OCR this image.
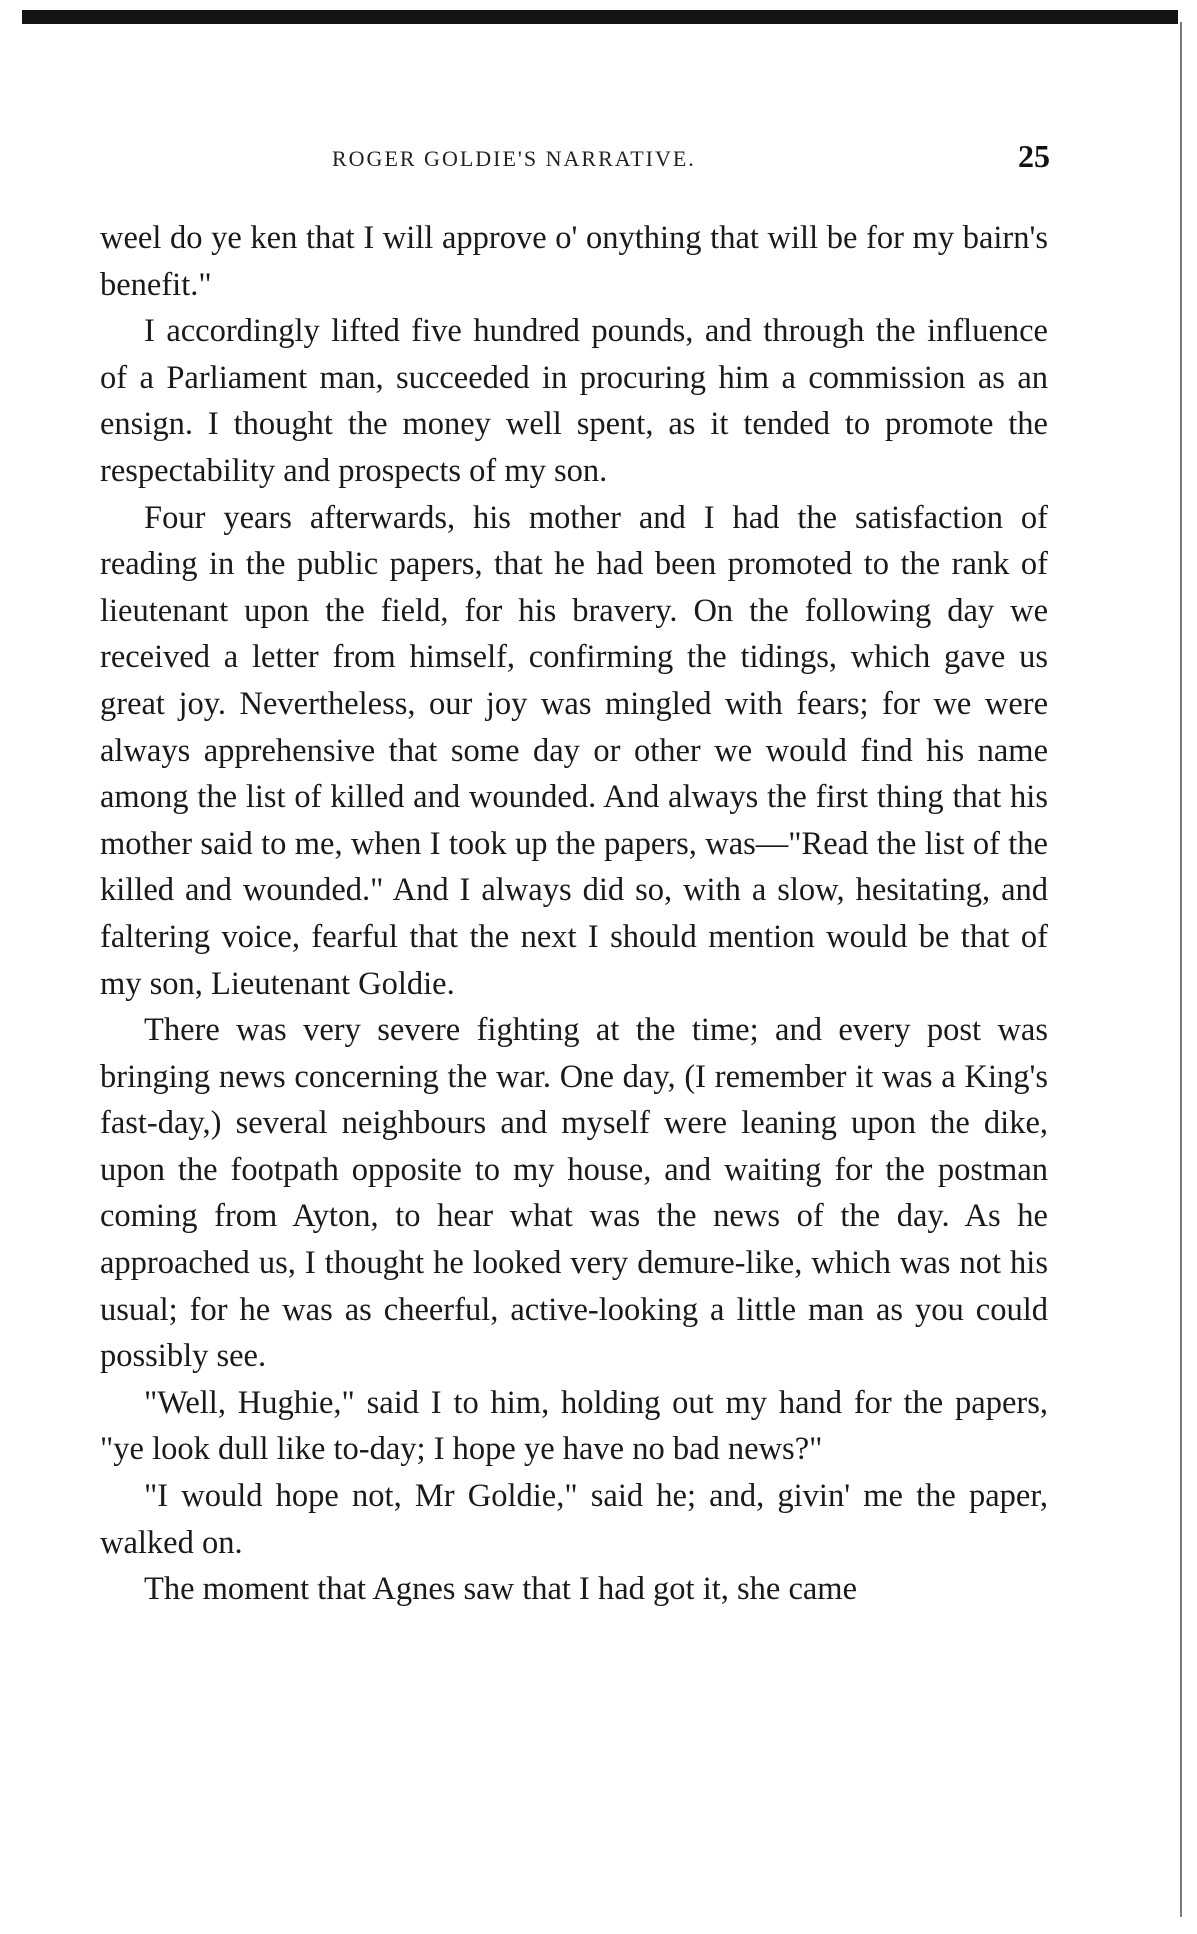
ROGER GOLDIE'S NARRATIVE.	25

weel do ye ken that I will approve o' onything that will be for my bairn's benefit."

I accordingly lifted five hundred pounds, and through the influence of a Parliament man, succeeded in procuring him a commission as an ensign. I thought the money well spent, as it tended to promote the respectability and prospects of my son.

Four years afterwards, his mother and I had the satisfaction of reading in the public papers, that he had been promoted to the rank of lieutenant upon the field, for his bravery. On the following day we received a letter from himself, confirming the tidings, which gave us great joy. Nevertheless, our joy was mingled with fears; for we were always apprehensive that some day or other we would find his name among the list of killed and wounded. And always the first thing that his mother said to me, when I took up the papers, was—"Read the list of the killed and wounded." And I always did so, with a slow, hesitating, and faltering voice, fearful that the next I should mention would be that of my son, Lieutenant Goldie.

There was very severe fighting at the time; and every post was bringing news concerning the war. One day, (I remember it was a King's fast-day,) several neighbours and myself were leaning upon the dike, upon the footpath opposite to my house, and waiting for the postman coming from Ayton, to hear what was the news of the day. As he approached us, I thought he looked very demure-like, which was not his usual; for he was as cheerful, active-looking a little man as you could possibly see.

"Well, Hughie," said I to him, holding out my hand for the papers, "ye look dull like to-day; I hope ye have no bad news?"

"I would hope not, Mr Goldie," said he; and, givin' me the paper, walked on.

The moment that Agnes saw that I had got it, she came
